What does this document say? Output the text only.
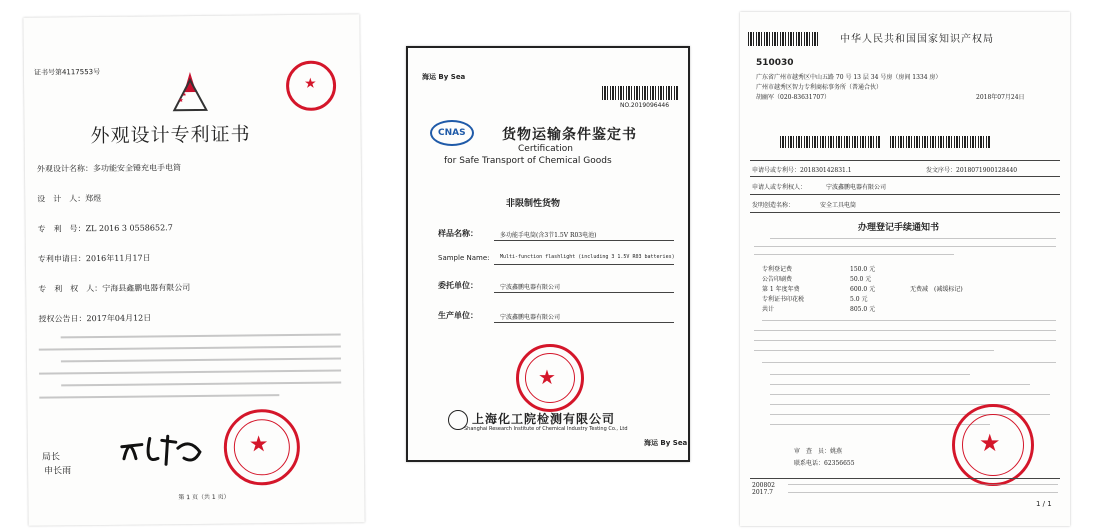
证书号第4117553号

★
★
★	★

外观设计专利证书

外观设计名称：多功能安全锤充电手电筒
设　计　人：郑煜
专　利　号：ZL 2016 3 0558652.7
专利申请日：2016年11月17日
专　利　权　人：宁海县鑫鹏电器有限公司
授权公告日：2017年04月12日

局长

申长雨

★

第 1 页（共 1 页）

海运 By Sea

NO.2019096446

CNAS	货物运输条件鉴定书

Certification

for Safe Transport of Chemical Goods

非限制性货物

样品名称：	多功能手电筒(含3节1.5V R03电池)

Sample Name: Multi-function flashlight (including 3 1.5V R03 batteries)

委托单位：	宁波鑫鹏电器有限公司

生产单位：	宁波鑫鹏电器有限公司

★

上海化工院检测有限公司

Shanghai Research Institute of Chemical Industry Testing Co., Ltd

海运 By Sea

中华人民共和国国家知识产权局

510030

广东省广州市越秀区中山五路 70 号 13 层 34 号房（房间 1334 房）

广州市越秀区智力专利商标事务所（普通合伙）

胡幽军（020-83631707）	2018年07月24日

申请号或专利号：201830142831.1	发文序号：2018071900128440

申请人或专利权人：	宁波鑫鹏电器有限公司

发明创造名称：	安全工具电筒

办理登记手续通知书

专利登记费	150.0 元

公告印刷费	50.0 元

第 1 年度年费	600.0 元	无费减　(减缓标记)

专利证书印花税	5.0 元

共计	805.0 元

★

审　查　员：姚燕

联系电话：62356655

200802
2017.7

1 / 1
